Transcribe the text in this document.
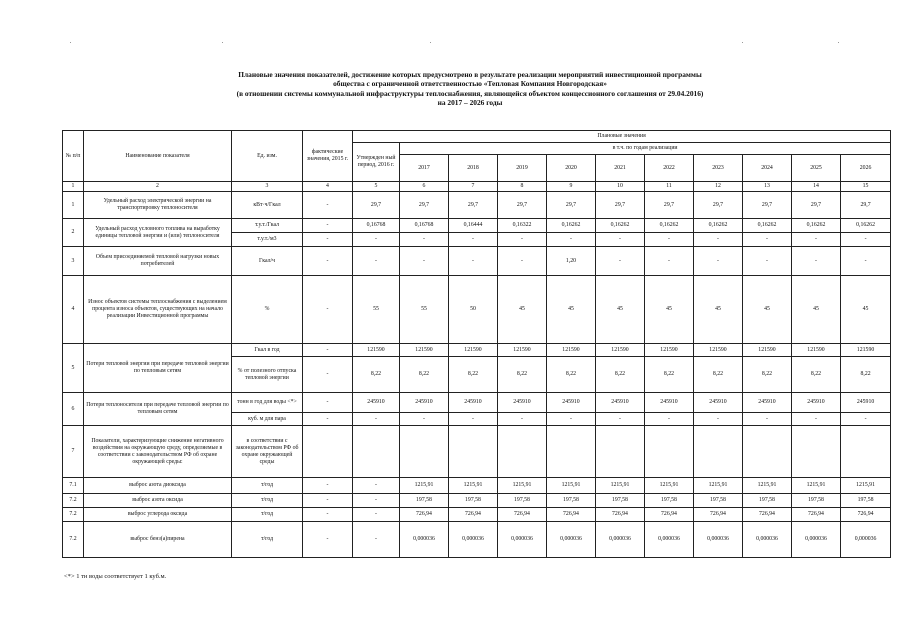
Плановые значения показателей, достижение которых предусмотрено в результате реализации мероприятий инвестиционной программы
общества с ограниченной ответственностью «Тепловая Компания Новгородская»
(в отношении системы коммунальной инфраструктуры теплоснабжения, являющейся объектом концессионного соглашения от 29.04.2016)
на 2017 – 2026 годы
№ п/п	Наименование показателя	Ед. изм.	фактические значения, 2015 г.	Плановые значения											
				Утвержден ный период, 2016 г.	в т.ч. по годам реализации										
					2017	2018	2019	2020	2021	2022	2023	2024	2025	2026	
1	2	3	4	5	6	7	8	9	10	11	12	13	14	15	
1	Удельный расход электрической энергии на транспортировку теплоносителя	кВт·ч/Гкал	-	29,7	29,7	29,7	29,7	29,7	29,7	29,7	29,7	29,7	29,7	29,7	
2	Удельный расход условного топлива на выработку единицы тепловой энергии и (или) теплоносителя	т.у.т./Гкал	-	0,16768	0,16768	0,16444	0,16322	0,16262	0,16262	0,16262	0,16262	0,16262	0,16262	0,16262	
		т.у.т./м3	-	-	-	-	-	-	-	-	-	-	-	-	
3	Объем присоединяемой тепловой нагрузки новых потребителей	Гкал/ч	-	-	-	-	-	1,20	-	-	-	-	-	-	
4	Износ объектов системы теплоснабжения с выделением процента износа объектов, существующих на начало реализации Инвестиционной программы	%	-	55	55	50	45	45	45	45	45	45	45	45	
5	Потери тепловой энергии при передаче тепловой энергии по тепловым сетям	Гкал в год	-	121590	121590	121590	121590	121590	121590	121590	121590	121590	121590	121590	
		% от полезного отпуска тепловой энергии	-	8,22	8,22	8,22	8,22	8,22	8,22	8,22	8,22	8,22	8,22	8,22	
6	Потери теплоносителя при передаче тепловой энергии по тепловым сетям	тонн в год для воды <*>	-	245910	245910	245910	245910	245910	245910	245910	245910	245910	245910	245910	
		куб. м для пара	-	-	-	-	-	-	-	-	-	-	-	-	
7	Показатели, характеризующие снижение негативного воздействия на окружающую среду, определяемые в соответствии с законодательством РФ об охране окружающей среды:	в соответствии с законодательством РФ об охране окружающей среды													
7.1	выброс азота диоксида	т/год	-	-	1215,91	1215,91	1215,91	1215,91	1215,91	1215,91	1215,91	1215,91	1215,91	1215,91	
7.2	выброс азота оксида	т/год	-	-	197,58	197,58	197,58	197,58	197,58	197,58	197,58	197,58	197,58	197,58	
7.2	выброс углерода оксида	т/год	-	-	726,94	726,94	726,94	726,94	726,94	726,94	726,94	726,94	726,94	726,94	
7.2	выброс бенз(а)пирена	т/год	-	-	0,000036	0,000036	0,000036	0,000036	0,000036	0,000036	0,000036	0,000036	0,000036	0,000036	
<*> 1 тн воды соответствует 1 куб.м.
